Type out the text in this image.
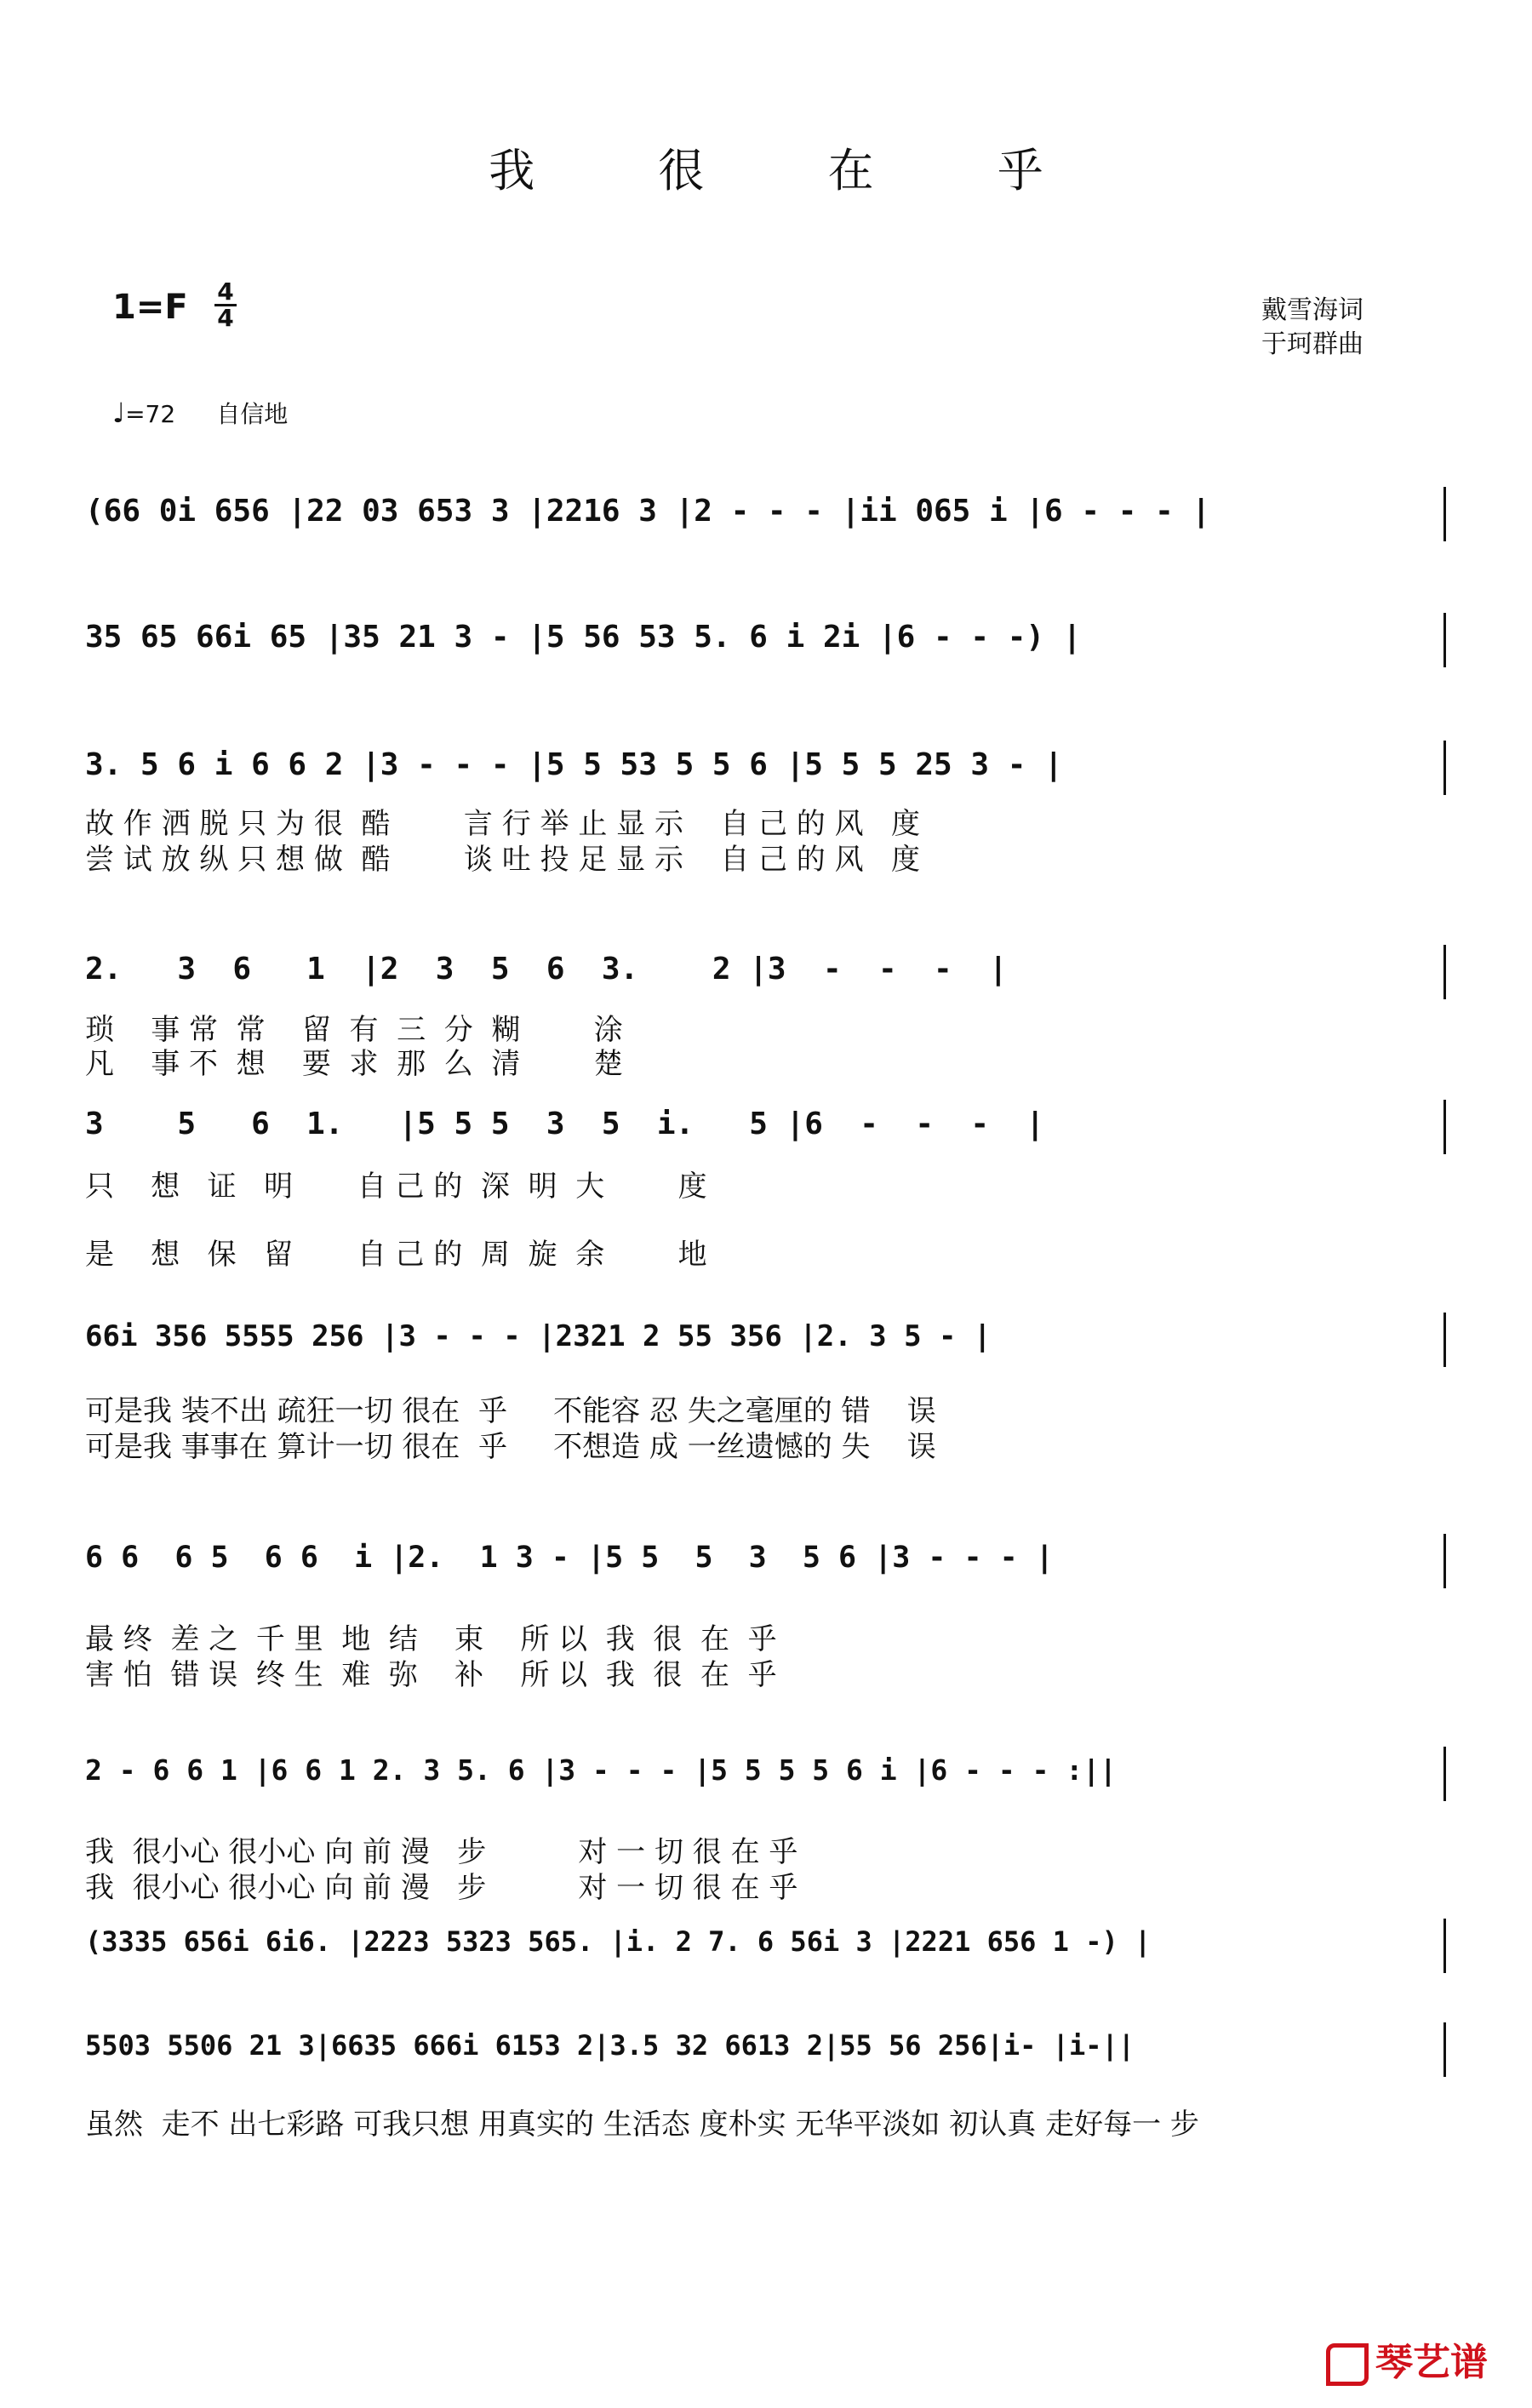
我 很 在 乎
1=F 4
4	戴雪海词
于珂群曲
♩=72 自信地
(66 0i 656 |22 03 653 3 |2216 3 |2 - - - |ii 065 i |6 - - - |
35 65 66i 65 |35 21 3 - |5 56 53 5. 6 i 2i |6 - - -) |
3. 5 6 i 6 6 2 |3 - - - |5 5 53 5 5 6 |5 5 5 25 3 - |
故 作 洒 脱 只 为 很  酷        言 行 举 止 显 示    自 己 的 风   度
尝 试 放 纵 只 想 做  酷        谈 吐 投 足 显 示    自 己 的 风   度
2.   3  6   1  |2  3  5  6  3.    2 |3  -  -  -  |
琐    事 常  常    留  有  三  分  糊        涂
凡    事 不  想    要  求  那  么  清        楚
3    5   6  1.   |5 5 5  3  5  i.   5 |6  -  -  -  |
只    想   证   明       自 己 的  深  明  大        度
是    想   保   留       自 己 的  周  旋  余        地
66i 356 5555 256 |3 - - - |2321 2 55 356 |2. 3 5 - |
可是我 装不出 疏狂一切 很在  乎     不能容 忍 失之毫厘的 错    误
可是我 事事在 算计一切 很在  乎     不想造 成 一丝遗憾的 失    误
6 6  6 5  6 6  i |2.  1 3 - |5 5  5  3  5 6 |3 - - - |
最 终  差 之  千 里  地  结    束    所 以  我  很  在  乎
害 怕  错 误  终 生  难  弥    补    所 以  我  很  在  乎
2 - 6 6 1 |6 6 1 2. 3 5. 6 |3 - - - |5 5 5 5 6 i |6 - - - :||
我  很小心 很小心 向 前 漫   步          对 一 切 很 在 乎
我  很小心 很小心 向 前 漫   步          对 一 切 很 在 乎
(3335 656i 6i6. |2223 5323 565. |i. 2 7. 6 56i 3 |2221 656 1 -) |
5503 5506 21 3|6635 666i 6153 2|3.5 32 6613 2|55 56 256|i- |i-||
虽然  走不 出七彩路 可我只想 用真实的 生活态 度朴实 无华平淡如 初认真 走好每一 步
琴艺谱
